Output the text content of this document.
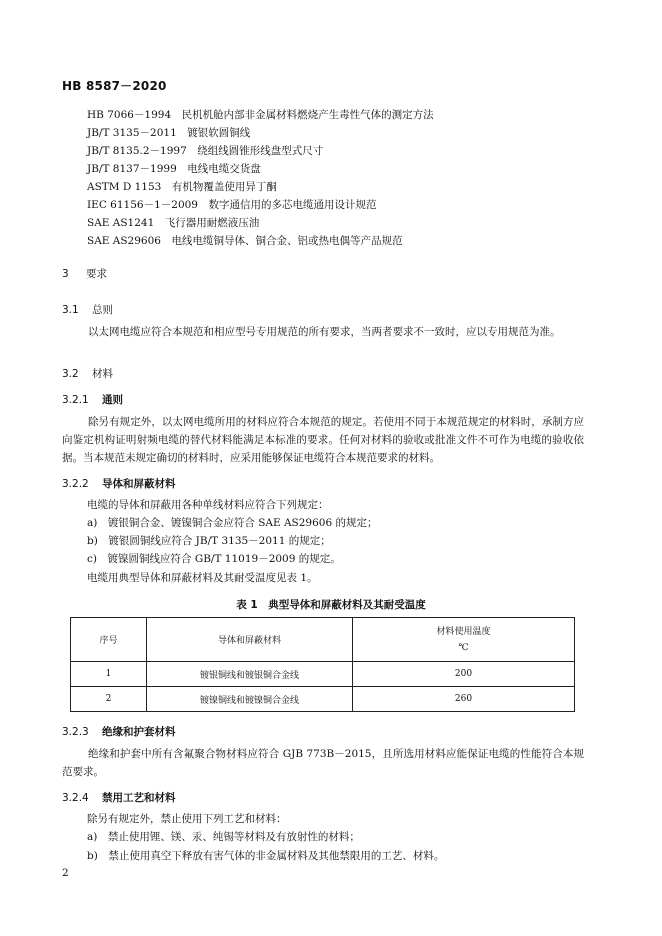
HB 8587－2020
HB 7066－1994　民机机舱内部非金属材料燃烧产生毒性气体的测定方法
JB/T 3135－2011　镀银软圆铜线
JB/T 8135.2－1997　绕组线圆锥形线盘型式尺寸
JB/T 8137－1999　电线电缆交货盘
ASTM D 1153　有机物覆盖使用异丁酮
IEC 61156－1－2009　数字通信用的多芯电缆通用设计规范
SAE AS1241　飞行器用耐燃液压油
SAE AS29606　电线电缆铜导体、铜合金、铝或热电偶等产品规范
3 要求
3.1 总则
以太网电缆应符合本规范和相应型号专用规范的所有要求，当两者要求不一致时，应以专用规范为准。
3.2 材料
3.2.1 通则
除另有规定外，以太网电缆所用的材料应符合本规范的规定。若使用不同于本规范规定的材料时，承制方应向鉴定机构证明射频电缆的替代材料能满足本标准的要求。任何对材料的验收或批准文件不可作为电缆的验收依据。当本规范未规定确切的材料时，应采用能够保证电缆符合本规范要求的材料。
3.2.2 导体和屏蔽材料
电缆的导体和屏蔽用各种单线材料应符合下列规定：
a)　镀银铜合金、镀镍铜合金应符合 SAE AS29606 的规定；
b)　镀银圆铜线应符合 JB/T 3135－2011 的规定；
c)　镀镍圆铜线应符合 GB/T 11019－2009 的规定。
电缆用典型导体和屏蔽材料及其耐受温度见表 1。
表 1　典型导体和屏蔽材料及其耐受温度
序号	导体和屏蔽材料	材料使用温度
℃

1	镀银铜线和镀银铜合金线	200
2	镀镍铜线和镀镍铜合金线	260
3.2.3 绝缘和护套材料
绝缘和护套中所有含氟聚合物材料应符合 GJB 773B－2015，且所选用材料应能保证电缆的性能符合本规范要求。
3.2.4 禁用工艺和材料
除另有规定外，禁止使用下列工艺和材料：
a)　禁止使用锂、镁、汞、纯锡等材料及有放射性的材料；
b)　禁止使用真空下释放有害气体的非金属材料及其他禁限用的工艺、材料。
2
